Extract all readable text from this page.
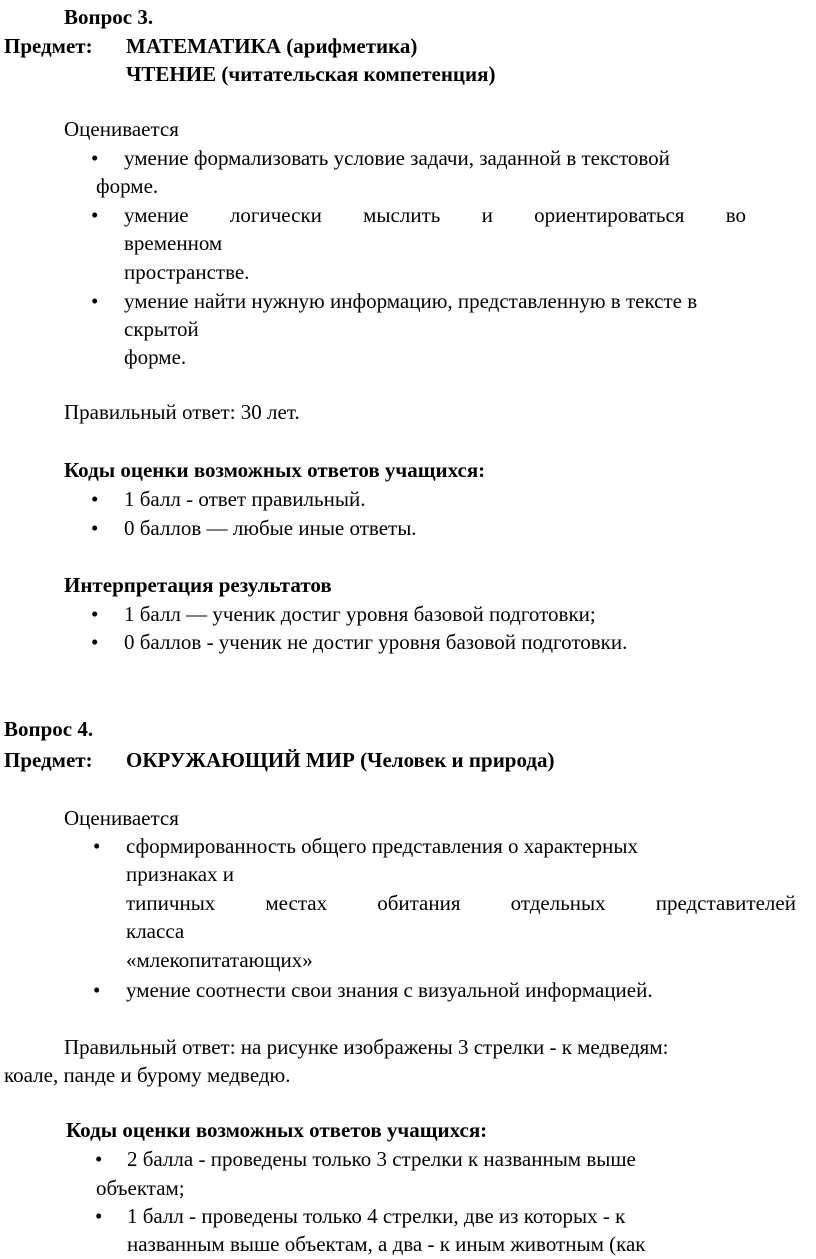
Вопрос 3.
Предмет: МАТЕМАТИКА (арифметика)
ЧТЕНИЕ (читательская компетенция)
Оценивается
• умение формализовать условие задачи, заданной в текстовой
форме.
• умение логически мыслить и ориентироваться во
временном
пространстве.
• умение найти нужную информацию, представленную в тексте в
скрытой
форме.
Правильный ответ: 30 лет.
Коды оценки возможных ответов учащихся:
• 1 балл - ответ правильный.
• 0 баллов — любые иные ответы.
Интерпретация результатов
• 1 балл — ученик достиг уровня базовой подготовки;
• 0 баллов - ученик не достиг уровня базовой подготовки.
Вопрос 4.
Предмет: ОКРУЖАЮЩИЙ МИР (Человек и природа)
Оценивается
• сформированность общего представления о характерных
признаках и
типичных местах обитания отдельных представителей
класса
«млекопитатающих»
• умение соотнести свои знания с визуальной информацией.
Правильный ответ: на рисунке изображены 3 стрелки - к медведям:
коале, панде и бурому медведю.
Коды оценки возможных ответов учащихся:
• 2 балла - проведены только 3 стрелки к названным выше
объектам;
• 1 балл - проведены только 4 стрелки, две из которых - к
названным выше объектам, а два - к иным животным (как
